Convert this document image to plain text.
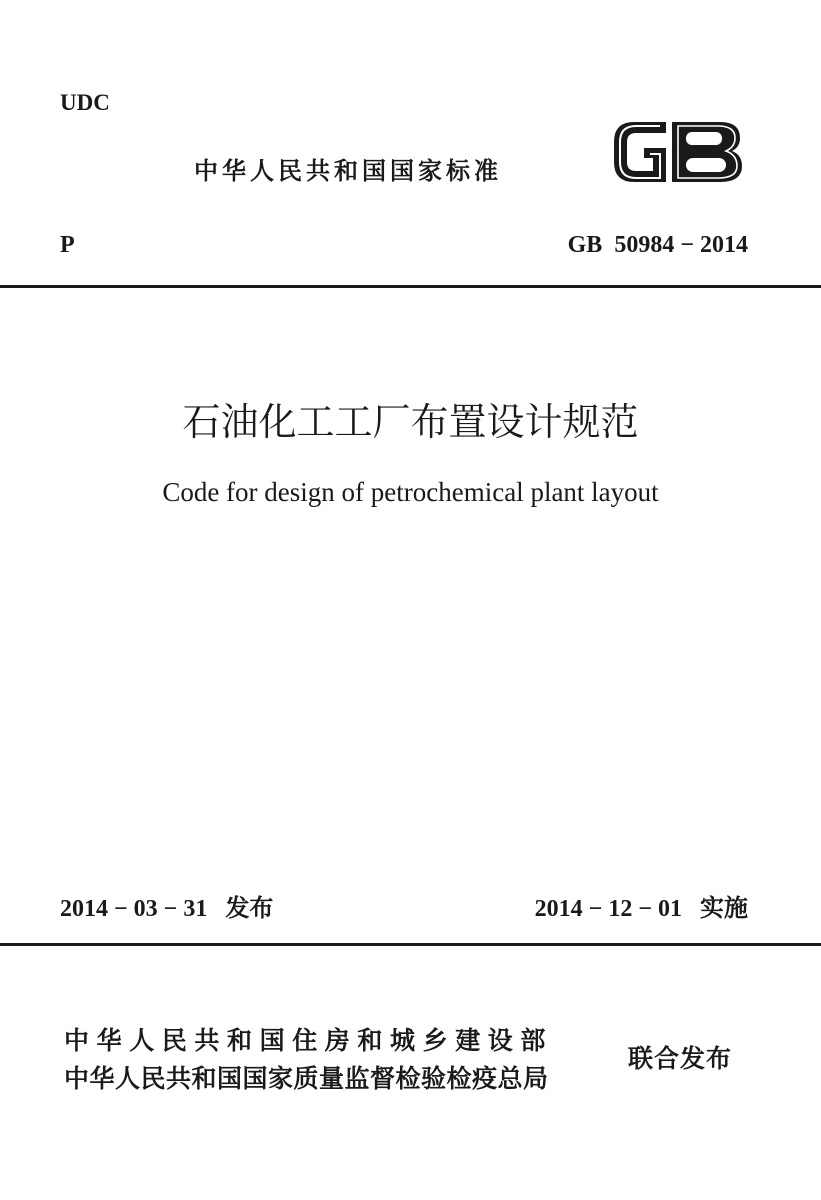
UDC
中华人民共和国国家标准
P	GB  50984 − 2014
石油化工工厂布置设计规范
Code for design of petrochemical plant layout
2014 − 03 − 31   发布	2014 − 12 − 01   实施
中华人民共和国住房和城乡建设部
中华人民共和国国家质量监督检验检疫总局
联合发布
